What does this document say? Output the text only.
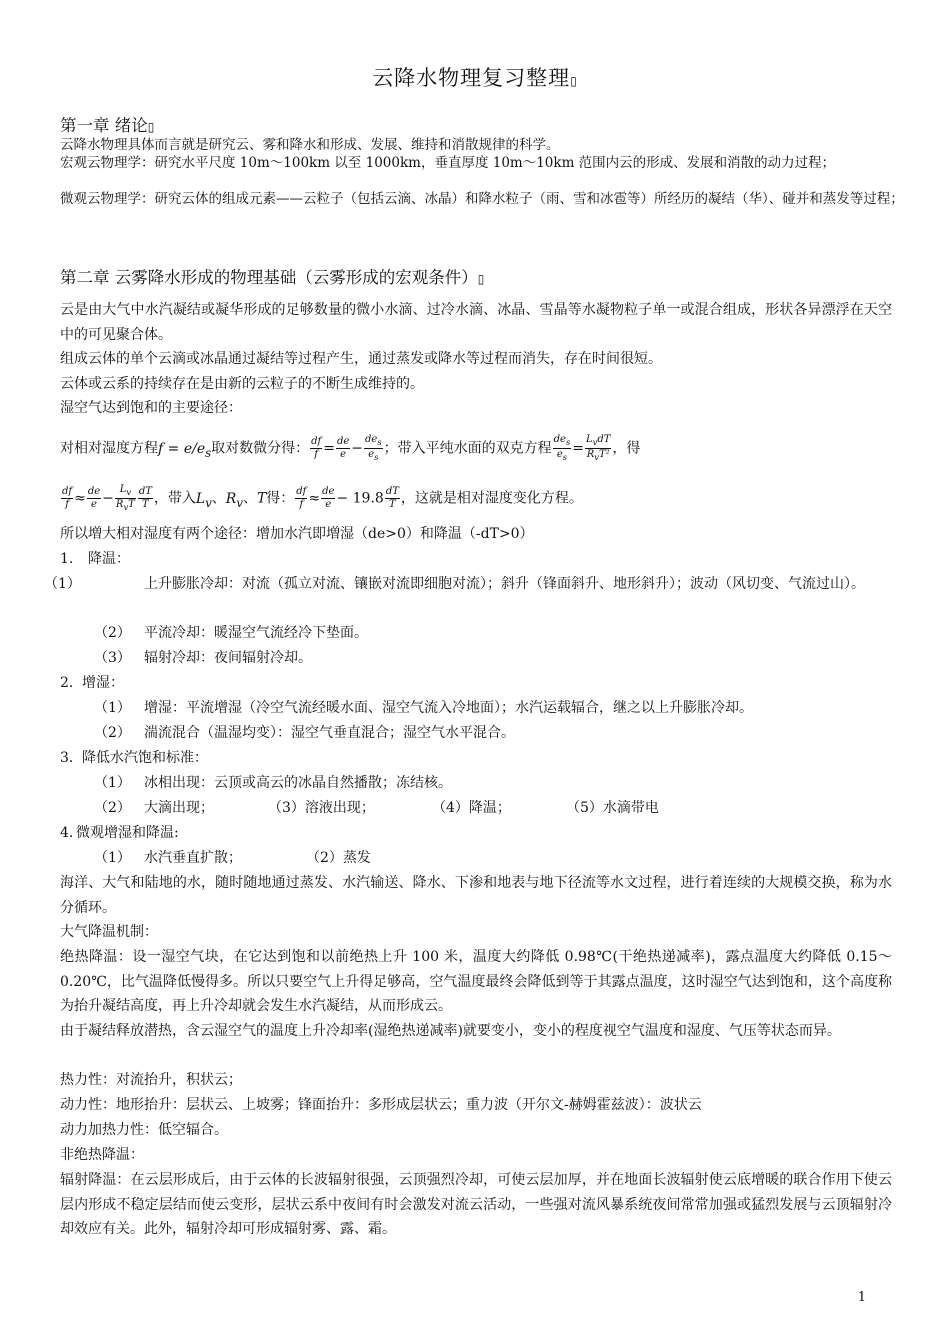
云降水物理复习整理▯
第一章 绪论▯
云降水物理具体而言就是研究云、雾和降水和形成、发展、维持和消散规律的科学。
宏观云物理学：研究水平尺度 10m～100km 以至 1000km，垂直厚度 10m～10km 范围内云的形成、发展和消散的动力过程；
微观云物理学：研究云体的组成元素——云粒子（包括云滴、冰晶）和降水粒子（雨、雪和冰雹等）所经历的凝结（华）、碰并和蒸发等过程；
第二章 云雾降水形成的物理基础（云雾形成的宏观条件）▯
云是由大气中水汽凝结或凝华形成的足够数量的微小水滴、过冷水滴、冰晶、雪晶等水凝物粒子单一或混合组成，形状各异漂浮在天空中的可见聚合体。
组成云体的单个云滴或冰晶通过凝结等过程产生，通过蒸发或降水等过程而消失，存在时间很短。
云体或云系的持续存在是由新的云粒子的不断生成维持的。
湿空气达到饱和的主要途径：
对相对湿度方程$f = e/e_s$取对数微分得： $\frac{df}{f} = \frac{de}{e} - \frac{de_s}{e_s}$ ；带入平纯水面的双克方程 $\frac{de_s}{e_s} = \frac{L_vdT}{R_vT^2}$ ，得
$\frac{df}{f} \approx \frac{de}{e} - \frac{L_v}{R_vT} \frac{dT}{T}$ ，带入$L_v$、$R_v$、T得： $\frac{df}{f} \approx \frac{de}{e} - 19.8 \frac{dT}{T}$ ，这就是相对湿度变化方程。
所以増大相对湿度有两个途径：增加水汽即増湿（de>0）和降温（-dT>0）
1. 降温：
（1）	上升膨胀冷却：对流（孤立对流、镶嵌对流即细胞对流）；斜升（锋面斜升、地形斜升）；波动（风切变、气流过山）。
（2） 平流冷却：暖湿空气流经冷下垫面。
（3） 辐射冷却：夜间辐射冷却。
2． 增湿：
（1） 增湿：平流增湿（冷空气流经暖水面、湿空气流入冷地面）；水汽运载辐合，继之以上升膨胀冷却。
（2） 湍流混合（温湿均变）：湿空气垂直混合；湿空气水平混合。
3． 降低水汽饱和标准：
（1） 冰相出现：云顶或高云的冰晶自然播散；冻结核。
（2） 大滴出现；	（3）溶液出现；	（4）降温；	（5）水滴带电
4. 微观增湿和降温:
（1） 水汽垂直扩散；	（2）蒸发
海洋、大气和陆地的水，随时随地通过蒸发、水汽输送、降水、下渗和地表与地下径流等水文过程，进行着连续的大规模交换，称为水分循环。
大气降温机制：
绝热降温：设一湿空气块，在它达到饱和以前绝热上升 100 米，温度大约降低 0.98℃(干绝热递减率)，露点温度大约降低 0.15～0.20℃，比气温降低慢得多。所以只要空气上升得足够高，空气温度最终会降低到等于其露点温度，这时湿空气达到饱和，这个高度称为抬升凝结高度，再上升冷却就会发生水汽凝结，从而形成云。
由于凝结释放潜热，含云湿空气的温度上升冷却率(湿绝热递减率)就要变小，变小的程度视空气温度和湿度、气压等状态而异。
热力性：对流抬升，积状云；
动力性：地形抬升：层状云、上坡雾；锋面抬升：多形成层状云；重力波（开尔文-赫姆霍兹波）：波状云
动力加热力性：低空辐合。
非绝热降温：
辐射降温：在云层形成后，由于云体的长波辐射很强，云顶强烈冷却，可使云层加厚，并在地面长波辐射使云底增暖的联合作用下使云层内形成不稳定层结而使云变形，层状云系中夜间有时会激发对流云活动，一些强对流风暴系统夜间常常加强或猛烈发展与云顶辐射冷却效应有关。此外，辐射冷却可形成辐射雾、露、霜。
1
